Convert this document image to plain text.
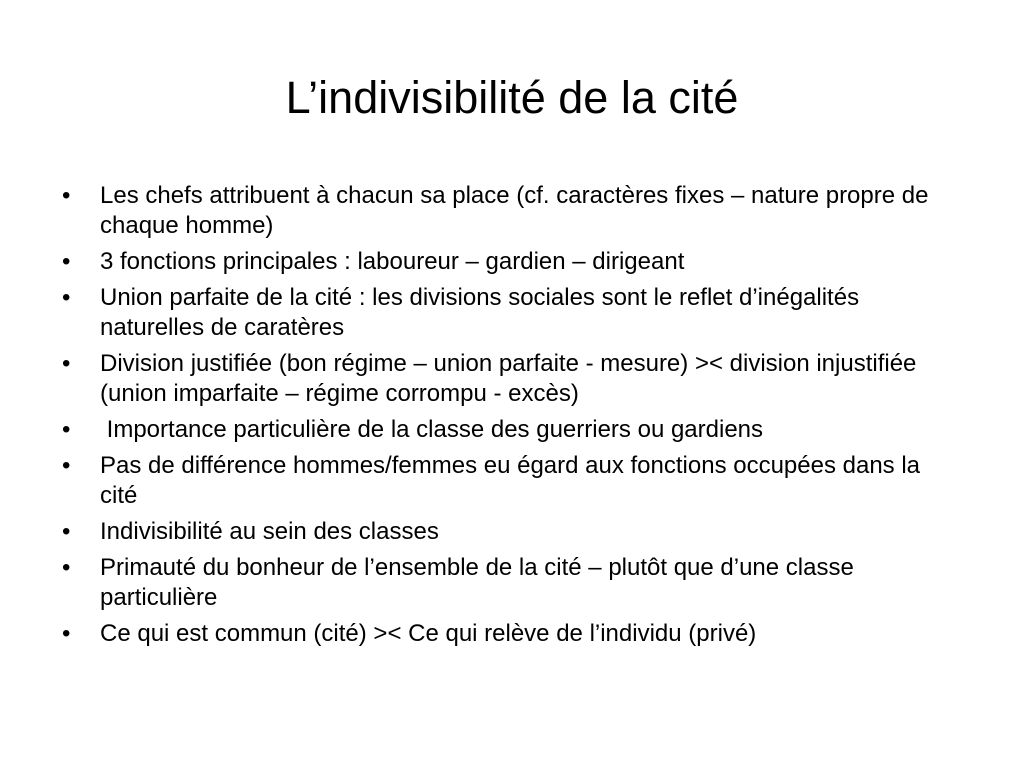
L’indivisibilité de la cité
•	Les chefs attribuent à chacun sa place (cf. caractères fixes – nature propre de chaque homme)
•	3 fonctions principales : laboureur – gardien – dirigeant
•	Union parfaite de la cité : les divisions sociales sont le reflet d’inégalités naturelles de caratères
•	Division justifiée (bon régime – union parfaite - mesure) >< division injustifiée (union imparfaite – régime corrompu - excès)
•	Importance particulière de la classe des guerriers ou gardiens
•	Pas de différence hommes/femmes eu égard aux fonctions occupées dans la cité
•	Indivisibilité au sein des classes
•	Primauté du bonheur de l’ensemble de la cité – plutôt que d’une classe particulière
•	Ce qui est commun (cité) >< Ce qui relève de l’individu (privé)
